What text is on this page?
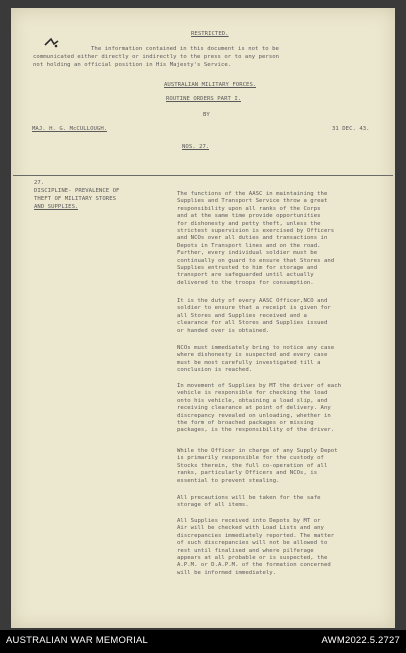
RESTRICTED.
The information contained in this document is not to be
communicated either directly or indirectly to the press or to any person
not holding an official position in His Majesty's Service.
AUSTRALIAN MILITARY FORCES.
ROUTINE ORDERS PART I.
BY
MAJ. H. G. McCULLOUGH.	31 DEC. 43.
NOS. 27.
27.
DISCIPLINE- PREVALENCE OF
THEFT OF MILITARY STORES
AND SUPPLIES.
The functions of the AASC in maintaining the
Supplies and Transport Service throw a great
responsibility upon all ranks of the Corps
and at the same time provide opportunities
for dishonesty and petty theft, unless the
strictest supervision is exercised by Officers
and NCOs over all duties and transactions in
Depots in Transport lines and on the road.
Further, every individual soldier must be
continually on guard to ensure that Stores and
Supplies entrusted to him for storage and
transport are safeguarded until actually
delivered to the troops for consumption.
It is the duty of every AASC Officer,NCO and
soldier to ensure that a receipt is given for
all Stores and Supplies received and a
clearance for all Stores and Supplies issued
or handed over is obtained.
NCOs must immediately bring to notice any case
where dishonesty is suspected and every case
must be most carefully investigated till a
conclusion is reached.
In movement of Supplies by MT the driver of each
vehicle is responsible for checking the load
onto his vehicle, obtaining a load slip, and
receiving clearance at point of delivery. Any
discrepancy revealed on unloading, whether in
the form of broached packages or missing
packages, is the responsibility of the driver.
While the Officer in charge of any Supply Depot
is primarily responsible for the custody of
Stocks therein, the full co-operation of all
ranks, particularly Officers and NCOs, is
essential to prevent stealing.
All precautions will be taken for the safe
storage of all items.
All Supplies received into Depots by MT or
Air will be checked with Load Lists and any
discrepancies immediately reported. The matter
of such discrepancies will not be allowed to
rest until finalised and where pilferage
appears at all probable or is suspected, the
A.P.M. or D.A.P.M. of the formation concerned
will be informed immediately.
AUSTRALIAN WAR MEMORIAL	AWM2022.5.2727
